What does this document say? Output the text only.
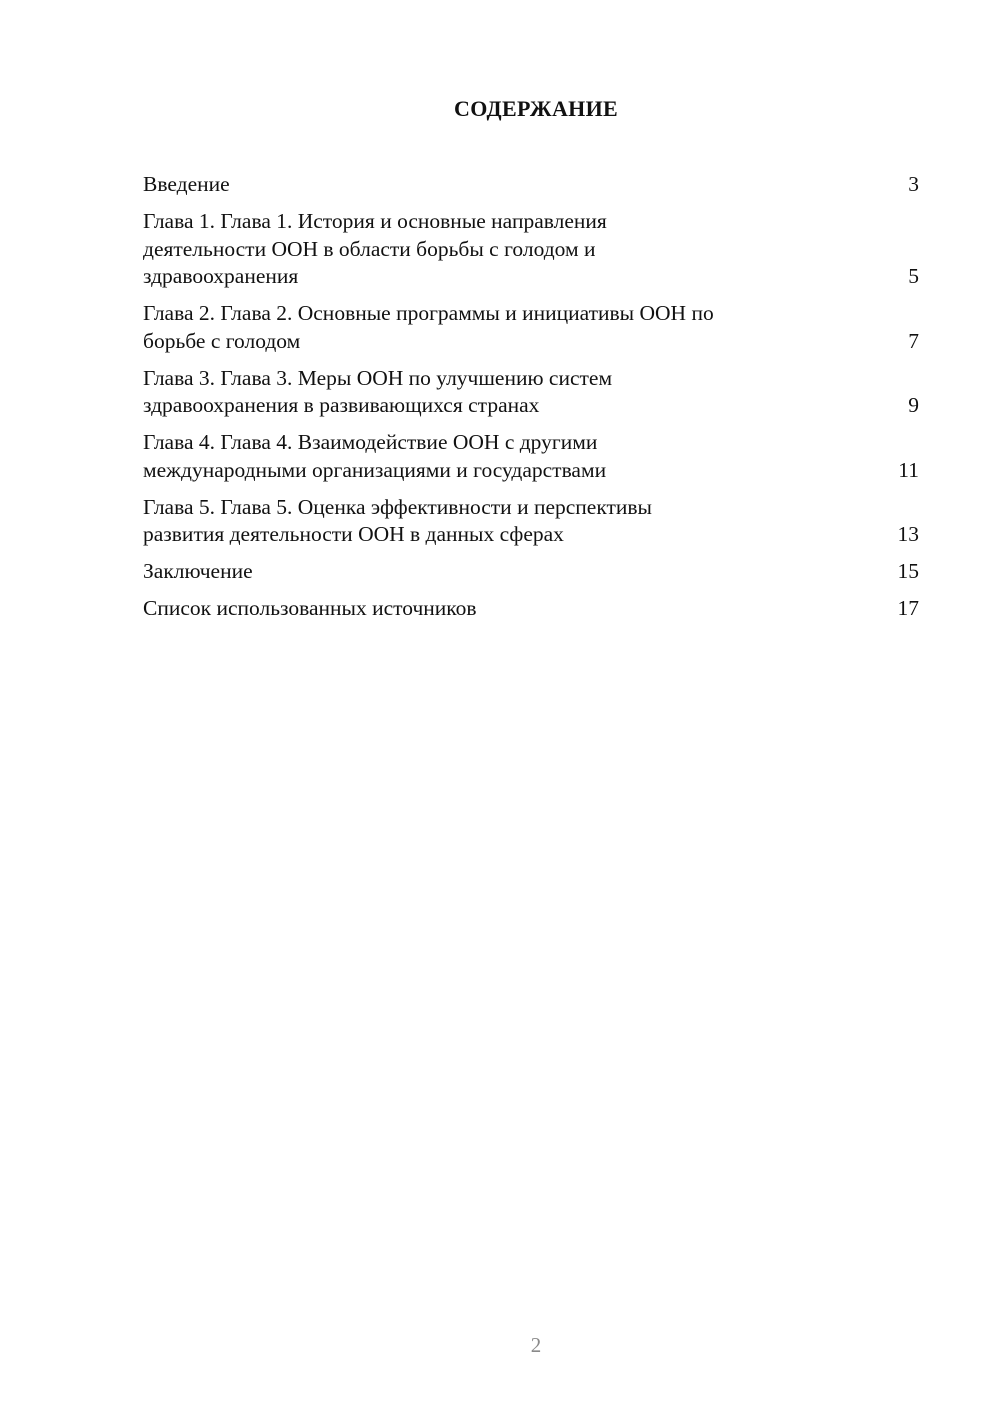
СОДЕРЖАНИЕ
Введение	3
Глава 1. Глава 1. История и основные направления
деятельности ООН в области борьбы с голодом и
здравоохранения	5
Глава 2. Глава 2. Основные программы и инициативы ООН по
борьбе с голодом	7
Глава 3. Глава 3. Меры ООН по улучшению систем
здравоохранения в развивающихся странах	9
Глава 4. Глава 4. Взаимодействие ООН с другими
международными организациями и государствами	11
Глава 5. Глава 5. Оценка эффективности и перспективы
развития деятельности ООН в данных сферах	13
Заключение	15
Список использованных источников	17
2
